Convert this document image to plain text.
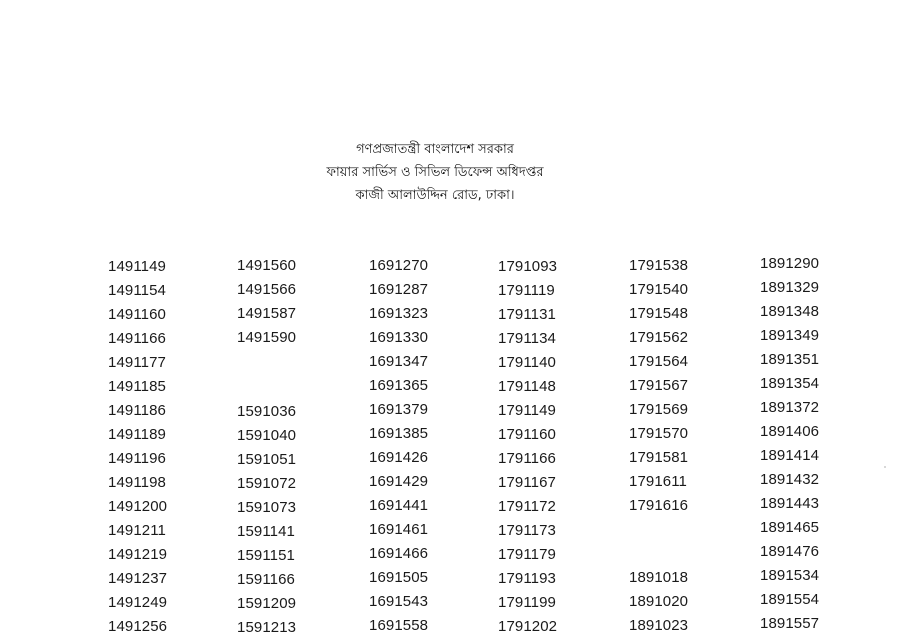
গণপ্রজাতন্ত্রী বাংলাদেশ সরকার
ফায়ার সার্ভিস ও সিভিল ডিফেন্স অধিদপ্তর
কাজী আলাউদ্দিন রোড, ঢাকা।
1491149
1491154
1491160
1491166
1491177
1491185
1491186
1491189
1491196
1491198
1491200
1491211
1491219
1491237
1491249
1491256
1491560
1491566
1491587
1491590
1591036
1591040
1591051
1591072
1591073
1591141
1591151
1591166
1591209
1591213
1691270
1691287
1691323
1691330
1691347
1691365
1691379
1691385
1691426
1691429
1691441
1691461
1691466
1691505
1691543
1691558
1791093
1791119
1791131
1791134
1791140
1791148
1791149
1791160
1791166
1791167
1791172
1791173
1791179
1791193
1791199
1791202
1791538
1791540
1791548
1791562
1791564
1791567
1791569
1791570
1791581
1791611
1791616
1891018
1891020
1891023
1891290
1891329
1891348
1891349
1891351
1891354
1891372
1891406
1891414
1891432
1891443
1891465
1891476
1891534
1891554
1891557
